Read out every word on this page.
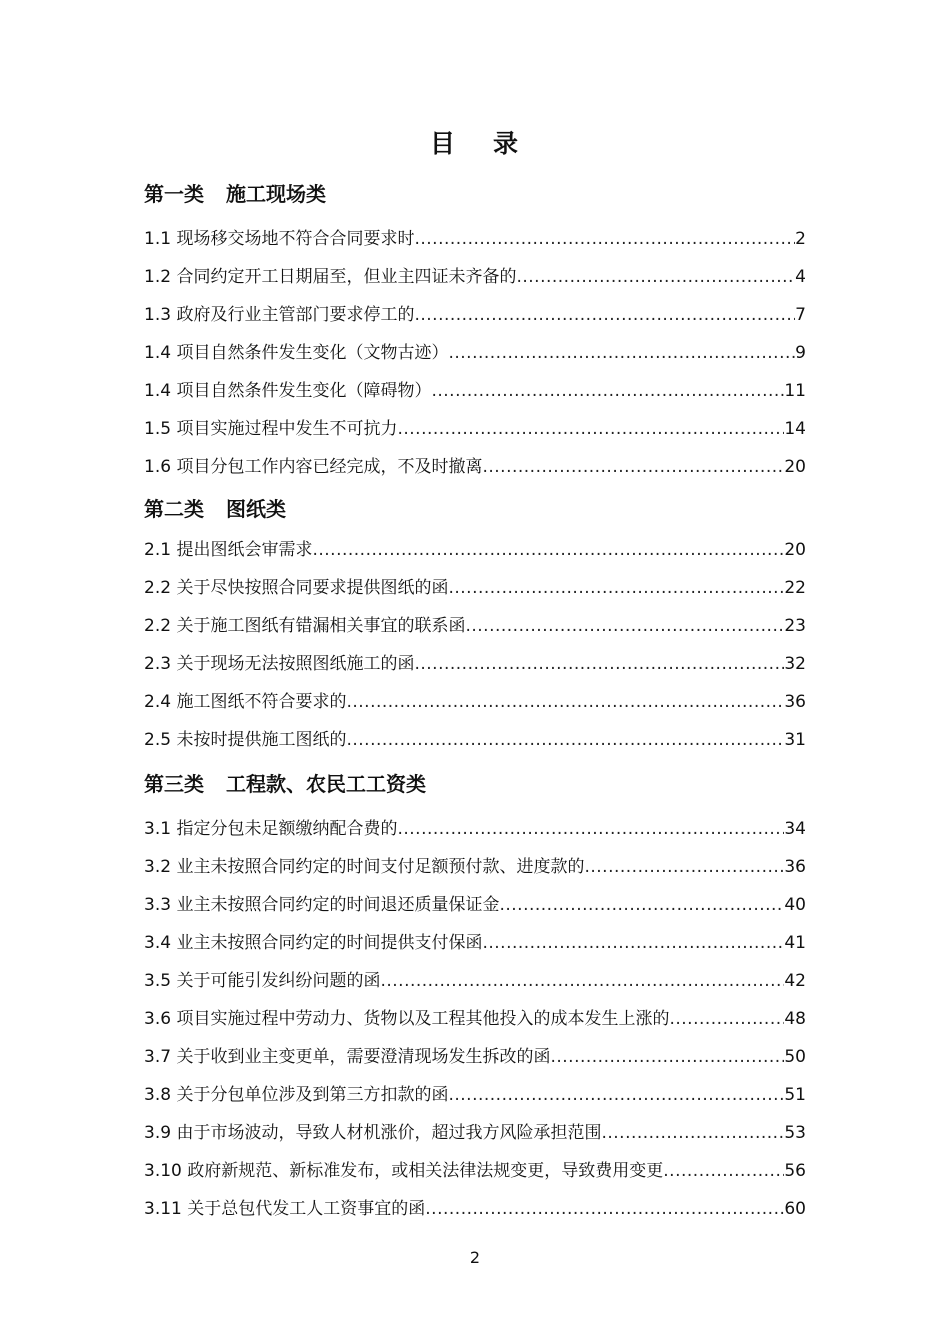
目 录
第一类 施工现场类
1.1 现场移交场地不符合合同要求时 .....	2
1.2 合同约定开工日期届至，但业主四证未齐备的 .....	4
1.3 政府及行业主管部门要求停工的 .....	7
1.4 项目自然条件发生变化（文物古迹） .....	9
1.4 项目自然条件发生变化（障碍物） .....	11
1.5 项目实施过程中发生不可抗力 .....	14
1.6 项目分包工作内容已经完成，不及时撤离 .....	20
第二类 图纸类
2.1 提出图纸会审需求 .....	20
2.2 关于尽快按照合同要求提供图纸的函 .....	22
2.2 关于施工图纸有错漏相关事宜的联系函 .....	23
2.3 关于现场无法按照图纸施工的函 .....	32
2.4 施工图纸不符合要求的 .....	36
2.5 未按时提供施工图纸的 .....	31
第三类 工程款、农民工工资类
3.1 指定分包未足额缴纳配合费的 .....	34
3.2 业主未按照合同约定的时间支付足额预付款、进度款的 .....	36
3.3 业主未按照合同约定的时间退还质量保证金 .....	40
3.4 业主未按照合同约定的时间提供支付保函 .....	41
3.5 关于可能引发纠纷问题的函 .....	42
3.6 项目实施过程中劳动力、货物以及工程其他投入的成本发生上涨的 .....	48
3.7 关于收到业主变更单，需要澄清现场发生拆改的函 .....	50
3.8 关于分包单位涉及到第三方扣款的函 .....	51
3.9 由于市场波动，导致人材机涨价，超过我方风险承担范围 .....	53
3.10 政府新规范、新标准发布，或相关法律法规变更，导致费用变更 .....	56
3.11 关于总包代发工人工资事宜的函 .....	60
2
